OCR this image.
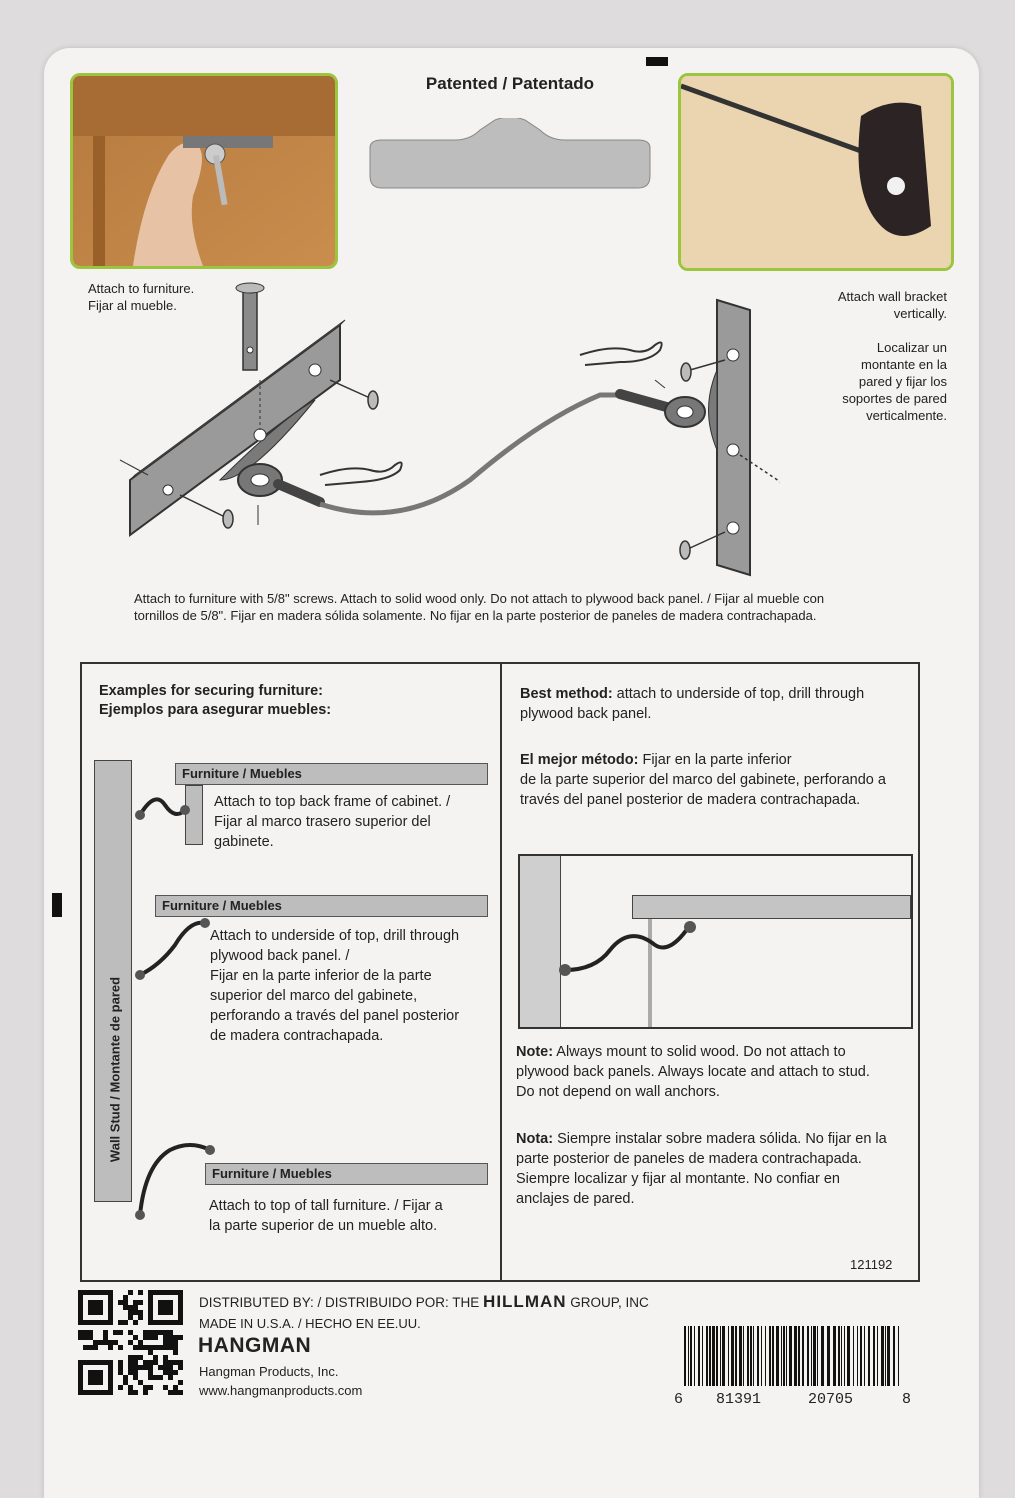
Patented / Patentado
Attach to furniture.
Fijar al mueble.
Attach wall bracket
vertically.
Localizar un
montante en la
pared y fijar los
soportes de pared
verticalmente.
Attach to furniture with 5/8" screws. Attach to solid wood only. Do not attach to plywood back panel. / Fijar al mueble con
tornillos de 5/8". Fijar en madera sólida solamente. No fijar en la parte posterior de paneles de madera contrachapada.
Examples for securing furniture:
Ejemplos para asegurar muebles:
Wall Stud / Montante de pared
Furniture / Muebles
Attach to top back frame of cabinet. /
Fijar al marco trasero superior del
gabinete.
Furniture / Muebles
Attach to underside of top, drill through
plywood back panel. /
Fijar en la parte inferior de la parte
superior del marco del gabinete,
perforando a través del panel posterior
de madera contrachapada.
Furniture / Muebles
Attach to top of tall furniture. / Fijar a
la parte superior de un mueble alto.
Best method: attach to underside of top, drill through
plywood back panel.
El mejor método: Fijar en la parte inferior
de la parte superior del marco del gabinete, perforando a
través del panel posterior de madera contrachapada.
Note: Always mount to solid wood. Do not attach to
plywood back panels. Always locate and attach to stud.
Do not depend on wall anchors.
Nota: Siempre instalar sobre madera sólida. No fijar en la
parte posterior de paneles de madera contrachapada.
Siempre localizar y fijar al montante. No confiar en
anclajes de pared.
121192
DISTRIBUTED BY: / DISTRIBUIDO POR: THE HILLMAN GROUP, INC
MADE IN U.S.A. / HECHO EN EE.UU.
HANGMAN
Hangman Products, Inc.
www.hangmanproducts.com
6 81391	20705	8
